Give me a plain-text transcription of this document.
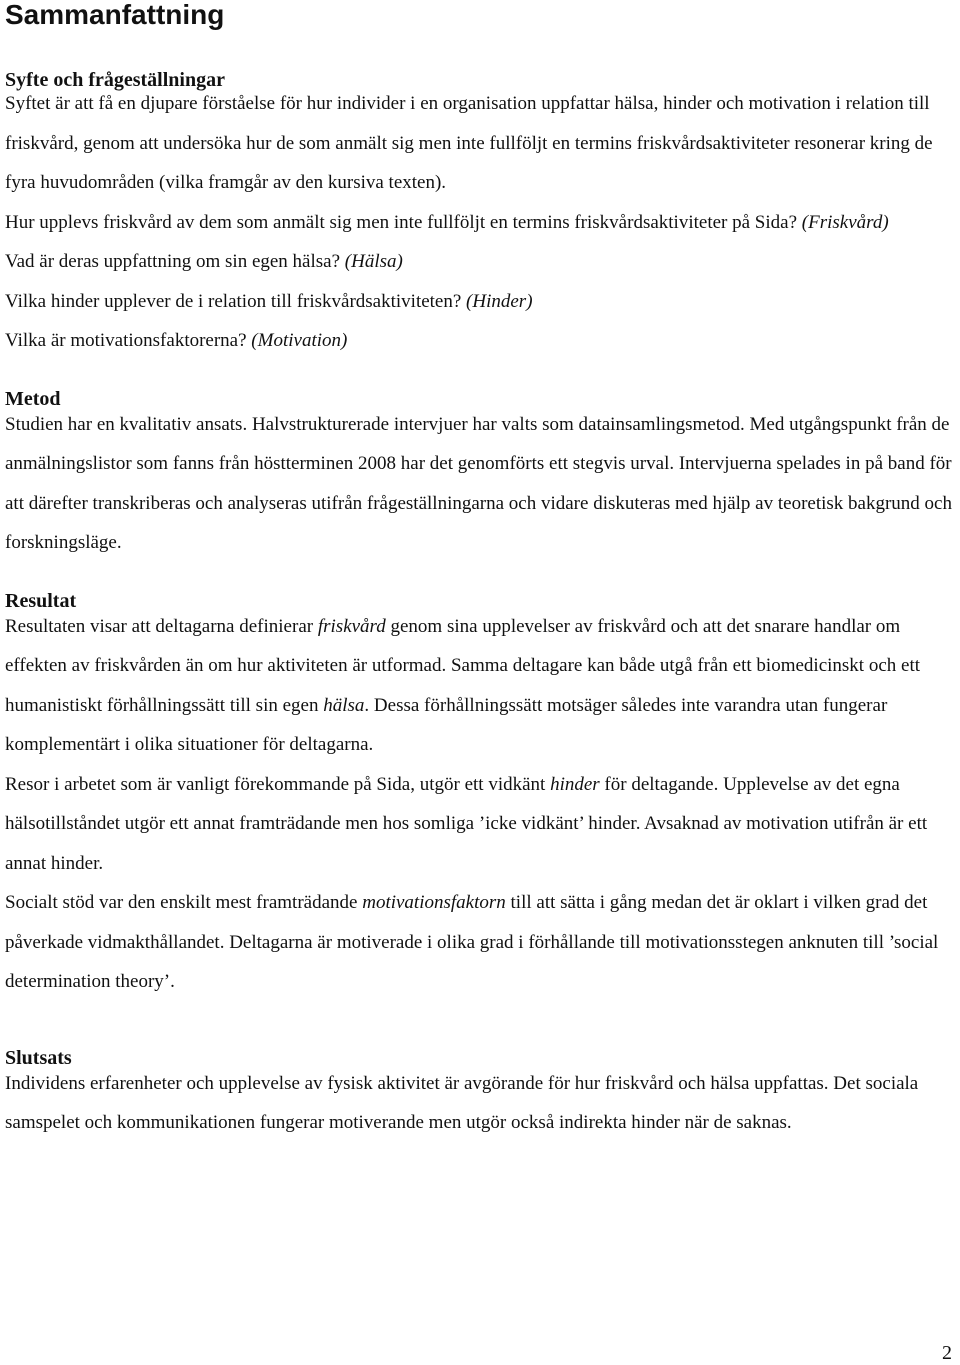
Sammanfattning
Syfte och frågeställningar

Syftet är att få en djupare förståelse för hur individer i en organisation uppfattar hälsa, hinder och motivation i relation till friskvård, genom att undersöka hur de som anmält sig men inte fullföljt en termins friskvårdsaktiviteter resonerar kring de fyra huvudområden (vilka framgår av den kursiva texten).

Hur upplevs friskvård av dem som anmält sig men inte fullföljt en termins friskvårdsaktiviteter på Sida? (Friskvård)

Vad är deras uppfattning om sin egen hälsa? (Hälsa)

Vilka hinder upplever de i relation till friskvårdsaktiviteten? (Hinder)

Vilka är motivationsfaktorerna? (Motivation)

Metod

Studien har en kvalitativ ansats. Halvstrukturerade intervjuer har valts som datainsamlingsmetod. Med utgångspunkt från de anmälningslistor som fanns från höstterminen 2008 har det genomförts ett stegvis urval. Intervjuerna spelades in på band för att därefter transkriberas och analyseras utifrån frågeställningarna och vidare diskuteras med hjälp av teoretisk bakgrund och forskningsläge.

Resultat

Resultaten visar att deltagarna definierar friskvård genom sina upplevelser av friskvård och att det snarare handlar om effekten av friskvården än om hur aktiviteten är utformad. Samma deltagare kan både utgå från ett biomedicinskt och ett humanistiskt förhållningssätt till sin egen hälsa. Dessa förhållningssätt motsäger således inte varandra utan fungerar komplementärt i olika situationer för deltagarna.

Resor i arbetet som är vanligt förekommande på Sida, utgör ett vidkänt hinder för deltagande. Upplevelse av det egna hälsotillståndet utgör ett annat framträdande men hos somliga ’icke vidkänt’ hinder. Avsaknad av motivation utifrån är ett annat hinder.

Socialt stöd var den enskilt mest framträdande motivationsfaktorn till att sätta i gång medan det är oklart i vilken grad det påverkade vidmakthållandet. Deltagarna är motiverade i olika grad i förhållande till motivationsstegen anknuten till ’social determination theory’.

Slutsats

Individens erfarenheter och upplevelse av fysisk aktivitet är avgörande för hur friskvård och hälsa uppfattas. Det sociala samspelet och kommunikationen fungerar motiverande men utgör också indirekta hinder när de saknas.

2
